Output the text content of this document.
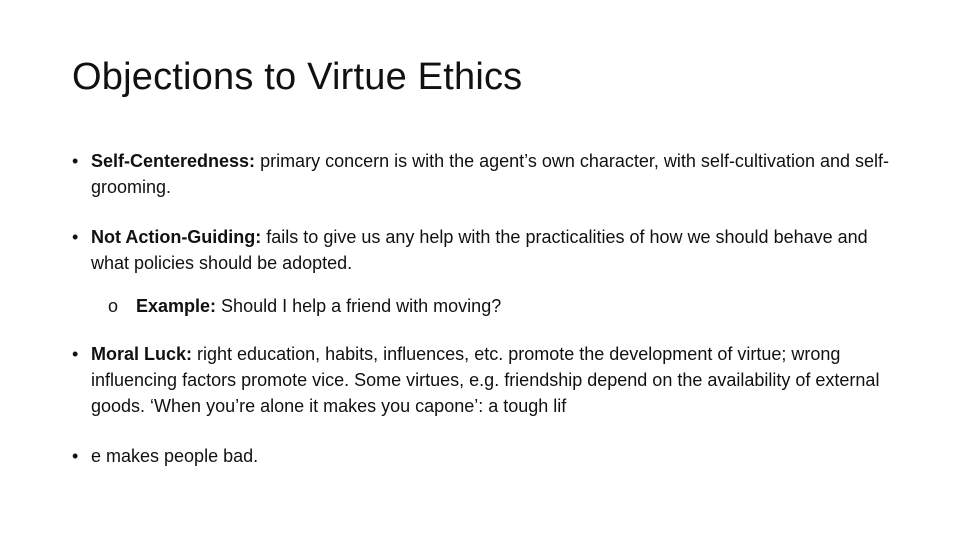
Objections to Virtue Ethics
• Self-Centeredness: primary concern is with the agent’s own character, with self-cultivation and self-grooming.
• Not Action-Guiding: fails to give us any help with the practicalities of how we should behave and what policies should be adopted.
o Example: Should I help a friend with moving?
• Moral Luck: right education, habits, influences, etc. promote the development of virtue; wrong influencing factors promote vice. Some virtues, e.g. friendship depend on the availability of external goods. ‘When you’re alone it makes you capone’: a tough lif
• e makes people bad.
